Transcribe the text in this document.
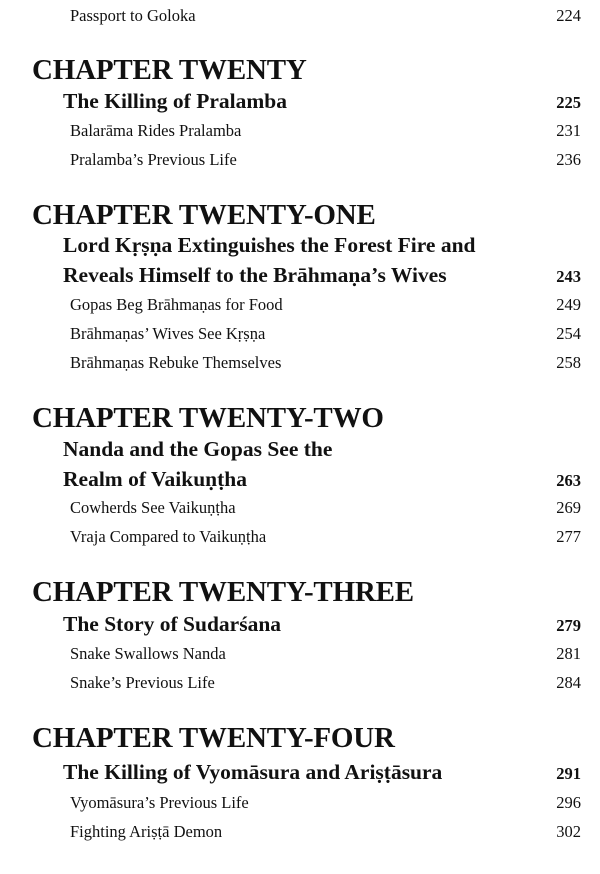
Passport to Goloka	224
CHAPTER TWENTY
The Killing of Pralamba	225
Balarāma Rides Pralamba	231
Pralamba’s Previous Life	236
CHAPTER TWENTY-ONE
Lord Kṛṣṇa Extinguishes the Forest Fire and
Reveals Himself to the Brāhmaṇa’s Wives	243
Gopas Beg Brāhmaṇas for Food	249
Brāhmaṇas’ Wives See Kṛṣṇa	254
Brāhmaṇas Rebuke Themselves	258
CHAPTER TWENTY-TWO
Nanda and the Gopas See the
Realm of Vaikuṇṭha	263
Cowherds See Vaikuṇṭha	269
Vraja Compared to Vaikuṇṭha	277
CHAPTER TWENTY-THREE
The Story of Sudarśana	279
Snake Swallows Nanda	281
Snake’s Previous Life	284
CHAPTER TWENTY-FOUR
The Killing of Vyomāsura and Ariṣṭāsura	291
Vyomāsura’s Previous Life	296
Fighting Ariṣṭā Demon	302
